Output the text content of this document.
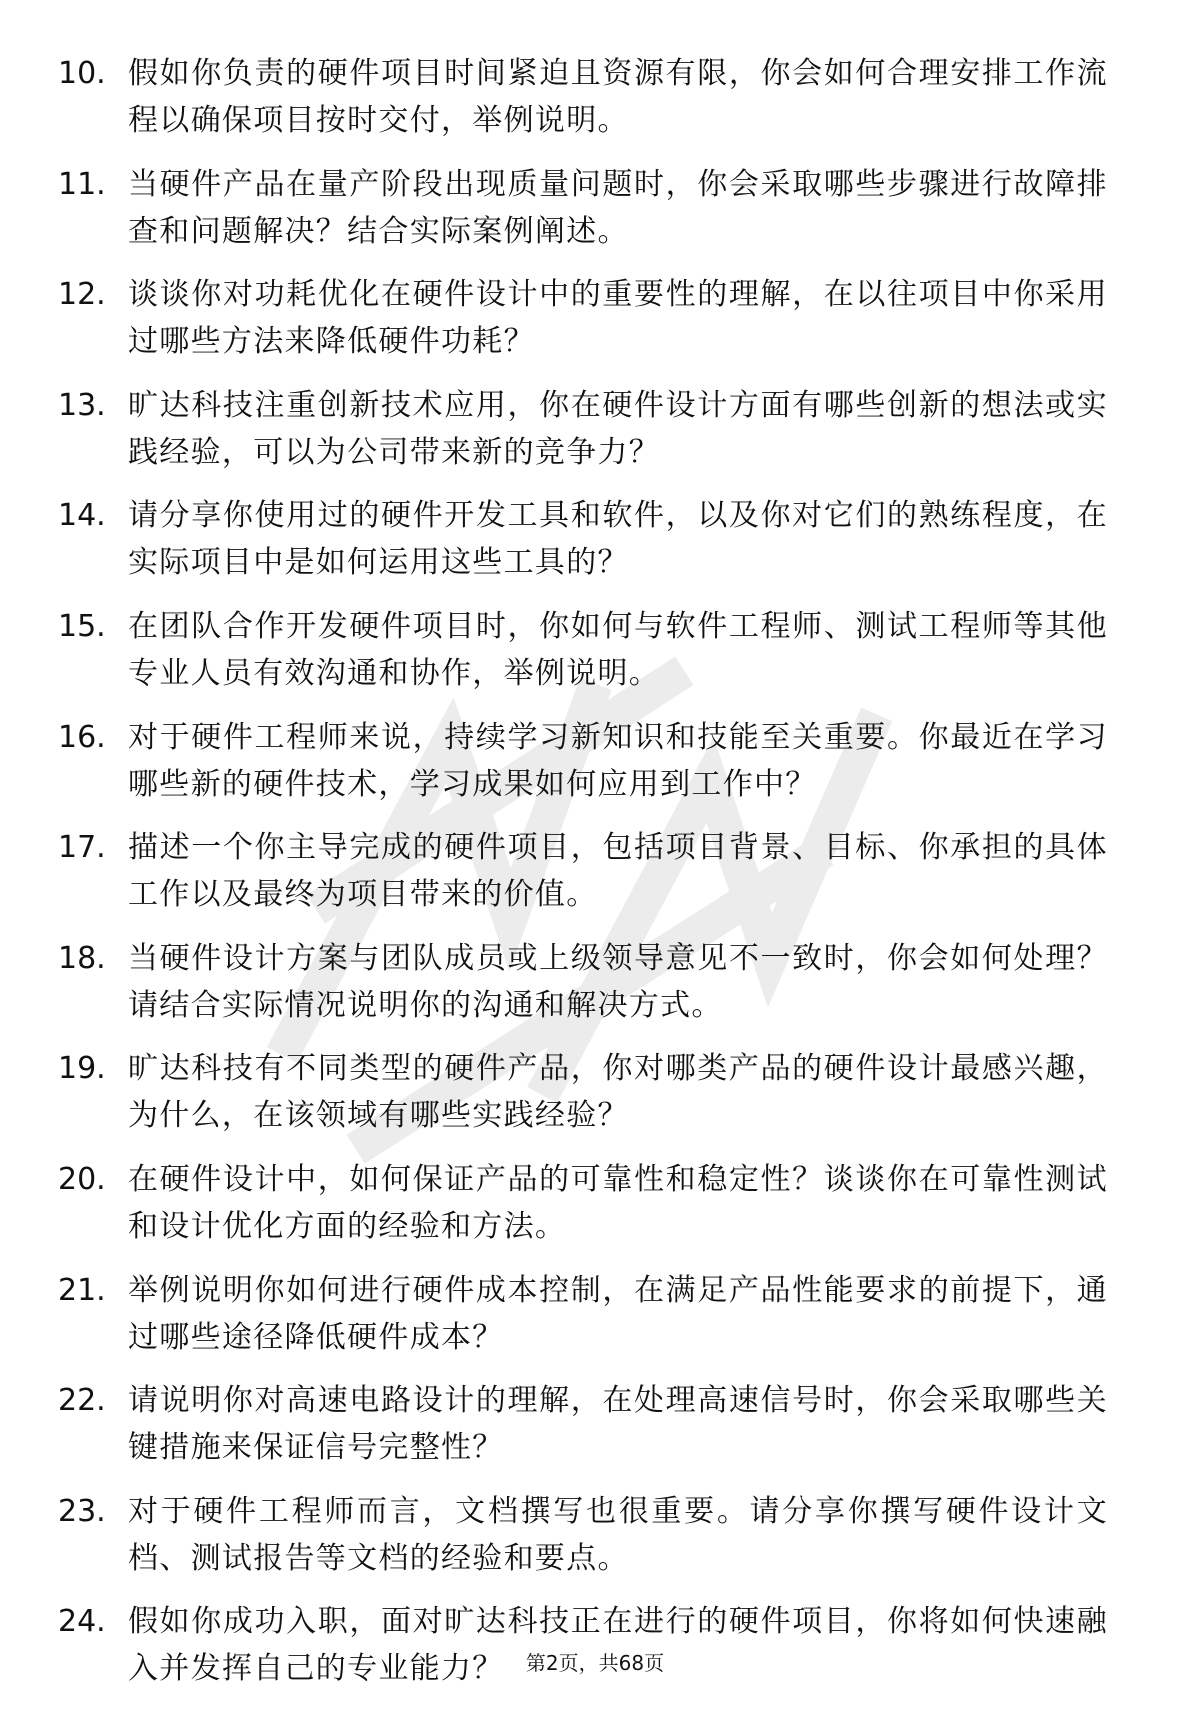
10. 假如你负责的硬件项目时间紧迫且资源有限，你会如何合理安排工作流程以确保项目按时交付，举例说明。
11. 当硬件产品在量产阶段出现质量问题时，你会采取哪些步骤进行故障排查和问题解决？结合实际案例阐述。
12. 谈谈你对功耗优化在硬件设计中的重要性的理解，在以往项目中你采用过哪些方法来降低硬件功耗？
13. 旷达科技注重创新技术应用，你在硬件设计方面有哪些创新的想法或实践经验，可以为公司带来新的竞争力？
14. 请分享你使用过的硬件开发工具和软件，以及你对它们的熟练程度，在实际项目中是如何运用这些工具的？
15. 在团队合作开发硬件项目时，你如何与软件工程师、测试工程师等其他专业人员有效沟通和协作，举例说明。
16. 对于硬件工程师来说，持续学习新知识和技能至关重要。你最近在学习哪些新的硬件技术，学习成果如何应用到工作中？
17. 描述一个你主导完成的硬件项目，包括项目背景、目标、你承担的具体工作以及最终为项目带来的价值。
18. 当硬件设计方案与团队成员或上级领导意见不一致时，你会如何处理？请结合实际情况说明你的沟通和解决方式。
19. 旷达科技有不同类型的硬件产品，你对哪类产品的硬件设计最感兴趣，为什么，在该领域有哪些实践经验？
20. 在硬件设计中，如何保证产品的可靠性和稳定性？谈谈你在可靠性测试和设计优化方面的经验和方法。
21. 举例说明你如何进行硬件成本控制，在满足产品性能要求的前提下，通过哪些途径降低硬件成本？
22. 请说明你对高速电路设计的理解，在处理高速信号时，你会采取哪些关键措施来保证信号完整性？
23. 对于硬件工程师而言，文档撰写也很重要。请分享你撰写硬件设计文档、测试报告等文档的经验和要点。
24. 假如你成功入职，面对旷达科技正在进行的硬件项目，你将如何快速融入并发挥自己的专业能力？	第2页，共68页
